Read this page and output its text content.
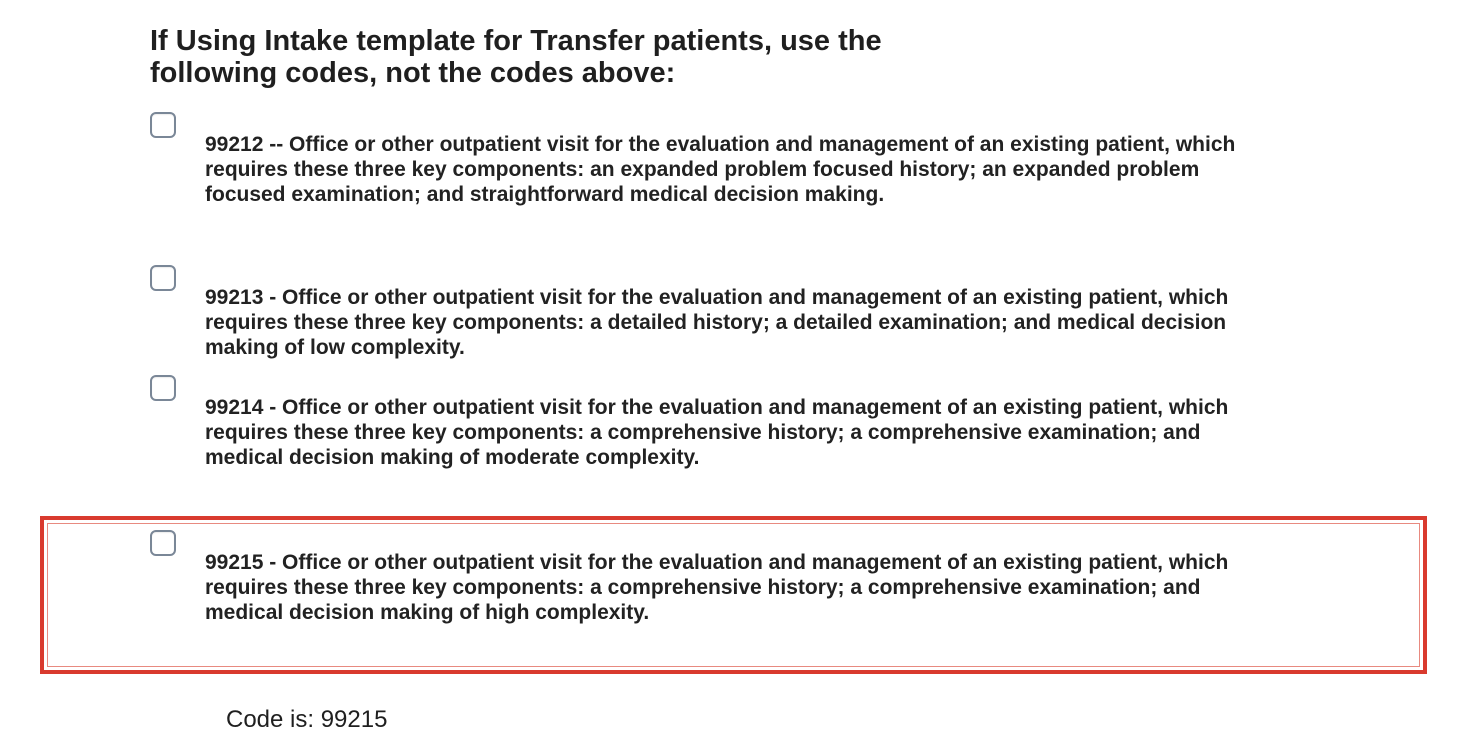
If Using Intake template for Transfer patients, use the following codes, not the codes above:
99212 -- Office or other outpatient visit for the evaluation and management of an existing patient, which requires these three key components: an expanded problem focused history; an expanded problem focused examination; and straightforward medical decision making.
99213 - Office or other outpatient visit for the evaluation and management of an existing patient, which requires these three key components: a detailed history; a detailed examination; and medical decision making of low complexity.
99214 - Office or other outpatient visit for the evaluation and management of an existing patient, which requires these three key components: a comprehensive history; a comprehensive examination; and medical decision making of moderate complexity.
99215 - Office or other outpatient visit for the evaluation and management of an existing patient, which requires these three key components: a comprehensive history; a comprehensive examination; and medical decision making of high complexity.
Code is: 99215
